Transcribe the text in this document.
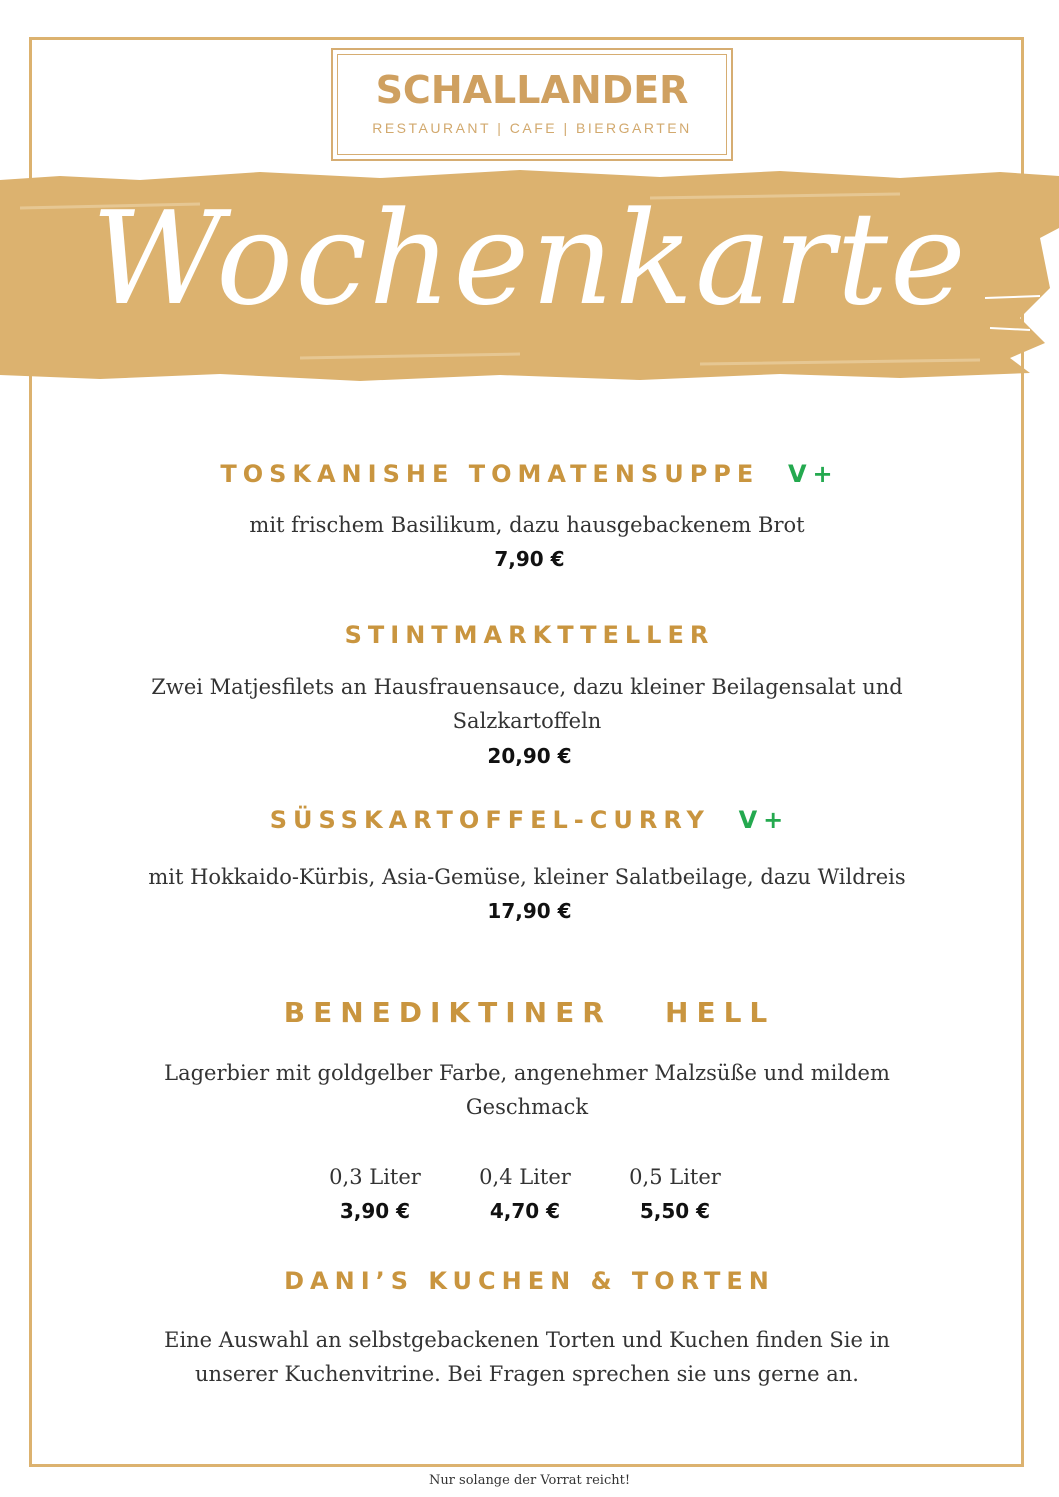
SCHALLANDER
RESTAURANT | CAFE | BIERGARTEN
Wochenkarte
TOSKANISHE TOMATENSUPPE V+
mit frischem Basilikum, dazu hausgebackenem Brot
7,90 €
STINTMARKTTELLER
Zwei Matjesfilets an Hausfrauensauce, dazu kleiner Beilagensalat und
Salzkartoffeln
20,90 €
SÜSSKARTOFFEL-CURRY V+
mit Hokkaido-Kürbis, Asia-Gemüse, kleiner Salatbeilage, dazu Wildreis
17,90 €
BENEDIKTINER   HELL
Lagerbier mit goldgelber Farbe, angenehmer Malzsüße und mildem
Geschmack
0,3 Liter
3,90 €
0,4 Liter
4,70 €
0,5 Liter
5,50 €
DANI’S KUCHEN & TORTEN
Eine Auswahl an selbstgebackenen Torten und Kuchen finden Sie in
unserer Kuchenvitrine. Bei Fragen sprechen sie uns gerne an.
Nur solange der Vorrat reicht!
